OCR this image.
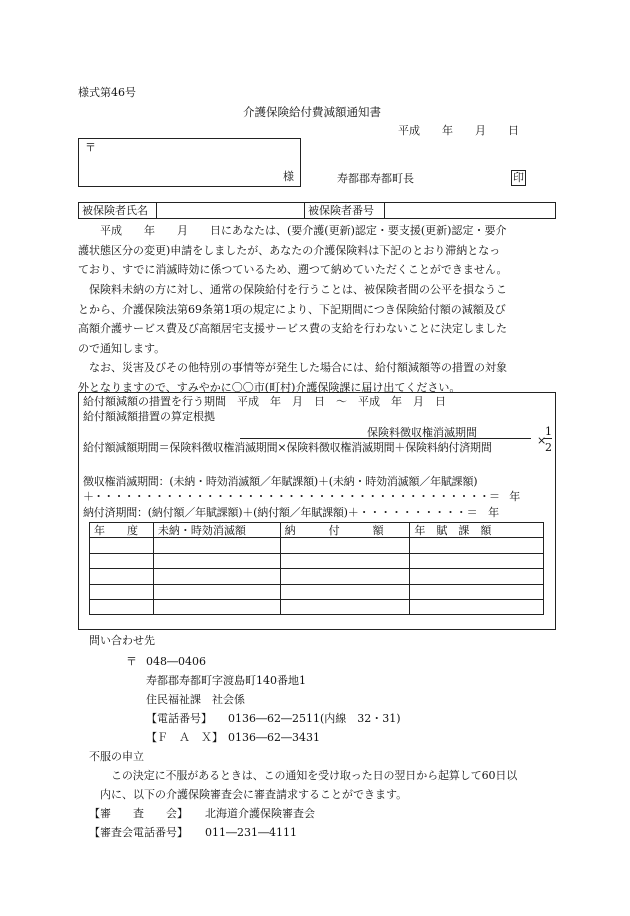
様式第46号
介護保険給付費減額通知書
平成　　年　　月　　日
〒
様	寿都郡寿都町長	印
被保険者氏名	被保険者番号
平成　　年　　月　　日にあなたは、(要介護(更新)認定・要支援(更新)認定・要介
護状態区分の変更)申請をしましたが、あなたの介護保険料は下記のとおり滞納となっ
ており、すでに消滅時効に係つているため、遡つて納めていただくことができません。
保険料未納の方に対し、通常の保険給付を行うことは、被保険者間の公平を損なうこ
とから、介護保険法第69条第1項の規定により、下記期間につき保険給付額の減額及び
高額介護サービス費及び高額居宅支援サービス費の支給を行わないことに決定しました
ので通知します。
なお、災害及びその他特別の事情等が発生した場合には、給付額減額等の措置の対象
外となりますので、すみやかに〇〇市(町村)介護保険課に届け出てください。
給付額減額の措置を行う期間　平成　年　月　日　〜　平成　年　月　日
給付額減額措置の算定根拠
保険料徴収権消滅期間
給付額減額期間＝保険料徴収権消滅期間×保険料徴収権消滅期間＋保険料納付済期間
×
1
2
徴収権消滅期間：(未納・時効消滅額／年賦課額)＋(未納・時効消滅額／年賦課額)
＋・・・・・・・・・・・・・・・・・・・・・・・・・・・・・・・・・・・・・・・＝　年
納付済期間：(納付額／年賦課額)＋(納付額／年賦課額)＋・・・・・・・・・・＝　年
年　　度	未納・時効消滅額	納　　　付　　　額	年　賦　課　額

問い合わせ先
〒 048―0406
寿都郡寿都町字渡島町140番地1
住民福祉課　社会係
【電話番号】 0136―62―2511(内線　32・31)
【Ｆ　Ａ　Ｘ】 0136―62―3431
不服の申立
この決定に不服があるときは、この通知を受け取った日の翌日から起算して60日以
内に、以下の介護保険審査会に審査請求することができます。
【審　　査　　会】 北海道介護保険審査会
【審査会電話番号】 011―231―4111
